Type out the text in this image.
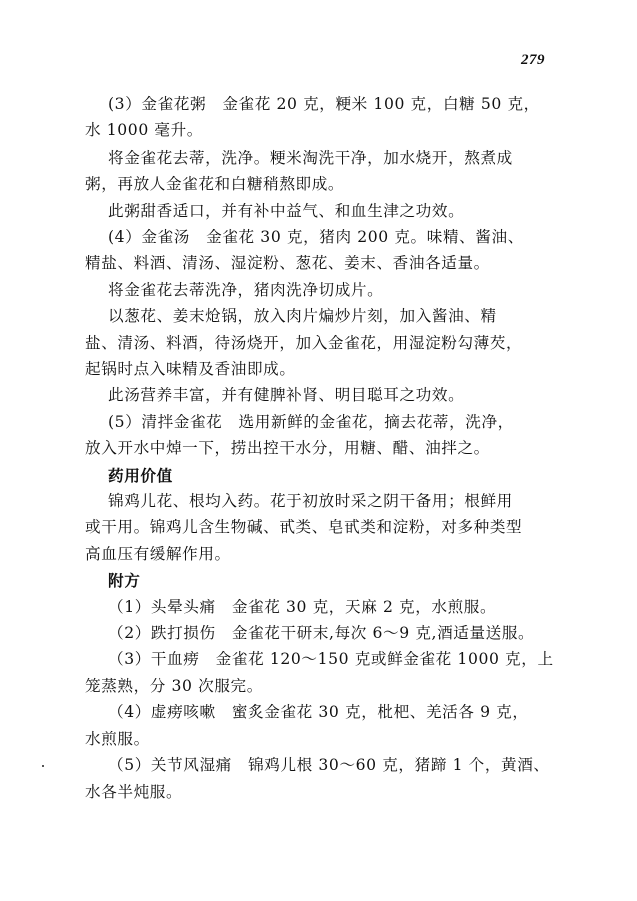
279
(3）金雀花粥　金雀花 20 克，粳米 100 克，白糖 50 克，
水 1000 毫升。
将金雀花去蒂，洗净。粳米淘洗干净，加水烧开，熬煮成
粥，再放人金雀花和白糖稍熬即成。
此粥甜香适口，并有补中益气、和血生津之功效。
(4）金雀汤　金雀花 30 克，猪肉 200 克。味精、酱油、
精盐、料酒、清汤、湿淀粉、葱花、姜末、香油各适量。
将金雀花去蒂洗净，猪肉洗净切成片。
以葱花、姜末炝锅，放入肉片煸炒片刻，加入酱油、精
盐、清汤、料酒，待汤烧开，加入金雀花，用湿淀粉勾薄芡，
起锅时点入味精及香油即成。
此汤营养丰富，并有健脾补肾、明目聪耳之功效。
(5）清拌金雀花　选用新鲜的金雀花，摘去花蒂，洗净，
放入开水中焯一下，捞出控干水分，用糖、醋、油拌之。
药用价值
锦鸡儿花、根均入药。花于初放时采之阴干备用；根鲜用
或干用。锦鸡儿含生物碱、甙类、皂甙类和淀粉，对多种类型
高血压有缓解作用。
附方
（1）头晕头痛　金雀花 30 克，天麻 2 克，水煎服。
（2）跌打损伤　金雀花干研末,每次 6～9 克,酒适量送服。
（3）干血痨　金雀花 120～150 克或鲜金雀花 1000 克，上
笼蒸熟，分 30 次服完。
（4）虚痨咳嗽　蜜炙金雀花 30 克，枇杷、羌活各 9 克，
水煎服。
（5）关节风湿痛　锦鸡儿根 30～60 克，猪蹄 1 个，黄酒、
水各半炖服。
